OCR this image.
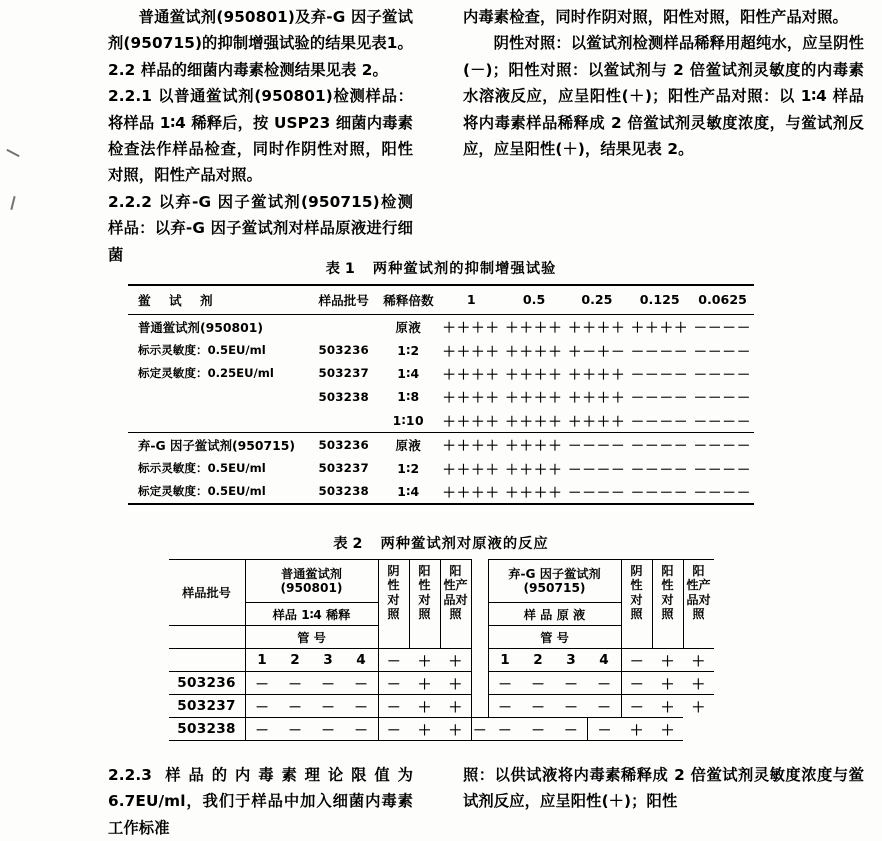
普通鲎试剂(950801)及弃-G 因子鲎试剂(950715)的抑制增强试验的结果见表1。

2.2 样品的细菌内毒素检测结果见表 2。

2.2.1 以普通鲎试剂(950801)检测样品：将样品 1∶4 稀释后，按 USP23 细菌内毒素检查法作样品检查，同时作阴性对照，阳性对照，阳性产品对照。

2.2.2 以弃-G 因子鲎试剂(950715)检测样品：以弃-G 因子鲎试剂对样品原液进行细菌

内毒素检查，同时作阴对照，阳性对照，阳性产品对照。

阴性对照：以鲎试剂检测样品稀释用超纯水，应呈阴性(－)；阳性对照：以鲎试剂与 2 倍鲎试剂灵敏度的内毒素水溶液反应，应呈阳性(＋)；阳性产品对照：以 1∶4 样品将内毒素样品稀释成 2 倍鲎试剂灵敏度浓度，与鲎试剂反应，应呈阳性(＋)，结果见表 2。

表 1 两种鲎试剂的抑制增强试验
鲎 试 剂	样品批号	稀释倍数	1	0.5	0.25	0.125	0.0625
普通鲎试剂(950801)		原液	＋＋＋＋	＋＋＋＋	＋＋＋＋	＋＋＋＋	－－－－
标示灵敏度：0.5EU/ml	503236	1∶2	＋＋＋＋	＋＋＋＋	＋－＋－	－－－－	－－－－
标定灵敏度：0.25EU/ml	503237	1∶4	＋＋＋＋	＋＋＋＋	＋＋＋＋	－－－－	－－－－
	503238	1∶8	＋＋＋＋	＋＋＋＋	＋＋＋＋	－－－－	－－－－
		1∶10	＋＋＋＋	＋＋＋＋	＋＋＋＋	－－－－	－－－－
弃-G 因子鲎试剂(950715)	503236	原液	＋＋＋＋	＋＋＋＋	－－－－	－－－－	－－－－
标示灵敏度：0.5EU/ml	503237	1∶2	＋＋＋＋	＋＋＋＋	－－－－	－－－－	－－－－
标定灵敏度：0.5EU/ml	503238	1∶4	＋＋＋＋	＋＋＋＋	－－－－	－－－－	－－－－
表 2 两种鲎试剂对原液的反应
样品批号	普通鲎试剂
(950801)				阴
性
对
照	阳
性
对
照	阳
性产
品对
照		弃-G 因子鲎试剂
(950715)				阴
性
对
照	阳
性
对
照	阳
性产
品对
照

	样品 1∶4 稀释								样 品 原 液						
	管 号								管 号						
	1	2	3	4	－	＋	＋		1	2	3	4	－	＋	＋
503236	－	－	－	－	－	＋	＋		－	－	－	－	－	＋	＋
503237	－	－	－	－	－	＋	＋		－	－	－	－	－	＋	＋
503238	－	－	－	－	－	＋	＋	－	－	－	－	－	＋	＋	

2.2.3 样品的内毒素理论限值为 6.7EU/ml，我们于样品中加入细菌内毒素工作标准

照：以供试液将内毒素稀释成 2 倍鲎试剂灵敏度浓度与鲎试剂反应，应呈阳性(＋)；阳性
